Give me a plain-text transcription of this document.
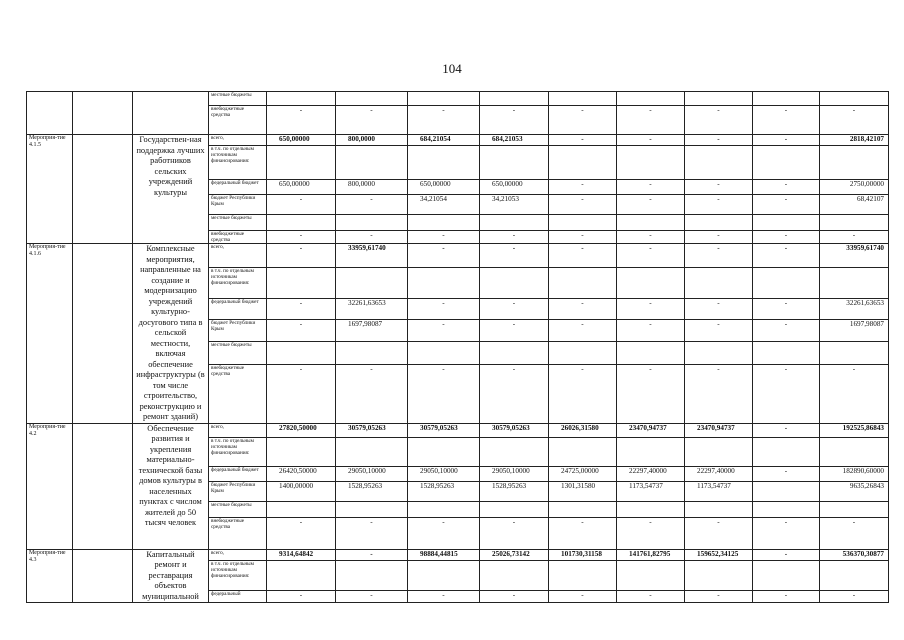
104
			местные бюджеты									
			внебюджетные средства	-	-	-	-	-	-	-	-	-
Мероприя-тие 4.1.5		Государствен-ная поддержка лучших работников сельских учреждений культуры	всего,	650,00000	800,0000	684,21054	684,21053	-	-	-	-	2818,42107
			в т.ч. по отдельным источникам финансирования:									
			федеральный бюджет	650,00000	800,0000	650,00000	650,00000	-	-	-	-	2750,00000
			бюджет Республики Крым	-	-	34,21054	34,21053	-	-	-	-	68,42107
			местные бюджеты									
			внебюджетные средства	-	-	-	-	-	-	-	-	-
Мероприя-тие 4.1.6		Комплексные мероприятия, направленные на создание и модернизацию учреждений культурно-досугового типа в сельской местности, включая обеспечение инфраструктуры (в том числе строительство, реконструкцию и ремонт зданий)	всего,	-	33959,61740	-	-	-	-	-	-	33959,61740
			в т.ч. по отдельным источникам финансирования:									
			федеральный бюджет	-	32261,63653	-	-	-	-	-	-	32261,63653
			бюджет Республики Крым	-	1697,98087	-	-	-	-	-	-	1697,98087
			местные бюджеты									
			внебюджетные средства	-	-	-	-	-	-	-	-	-
Мероприя-тие 4.2		Обеспечение развития и укрепления материально-технической базы домов культуры в населенных пунктах с числом жителей до 50 тысяч человек	всего,	27820,50000	30579,05263	30579,05263	30579,05263	26026,31580	23470,94737	23470,94737	-	192525,86843
			в т.ч. по отдельным источникам финансирования:									
			федеральный бюджет	26420,50000	29050,10000	29050,10000	29050,10000	24725,00000	22297,40000	22297,40000	-	182890,60000
			бюджет Республики Крым	1400,00000	1528,95263	1528,95263	1528,95263	1301,31580	1173,54737	1173,54737		9635,26843
			местные бюджеты									
			внебюджетные средства	-	-	-	-	-	-	-	-	-
Мероприя-тие 4.3		Капитальный ремонт и реставрация объектов муниципальной	всего,	9314,64842	-	98884,44815	25026,73142	101730,31158	141761,82795	159652,34125	-	536370,30877
			в т.ч. по отдельным источникам финансирования:									
			федеральный	-	-	-	-	-	-	-	-	-
